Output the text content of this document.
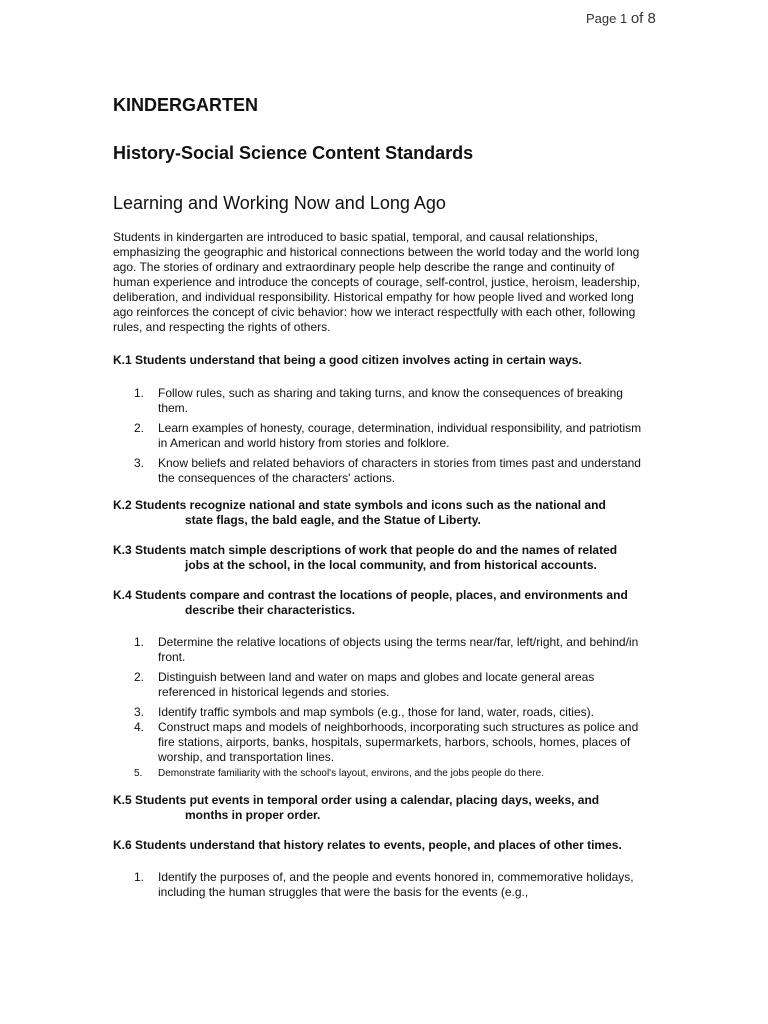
Page 1 of 8
KINDERGARTEN
History-Social Science Content Standards
Learning and Working Now and Long Ago

Students in kindergarten are introduced to basic spatial, temporal, and causal relationships, emphasizing the geographic and historical connections between the world today and the world long ago. The stories of ordinary and extraordinary people help describe the range and continuity of human experience and introduce the concepts of courage, self-control, justice, heroism, leadership, deliberation, and individual responsibility. Historical empathy for how people lived and worked long ago reinforces the concept of civic behavior: how we interact respectfully with each other, following rules, and respecting the rights of others.

K.1 Students understand that being a good citizen involves acting in certain ways.

1. Follow rules, such as sharing and taking turns, and know the consequences of breaking them.
2. Learn examples of honesty, courage, determination, individual responsibility, and patriotism in American and world history from stories and folklore.
3. Know beliefs and related behaviors of characters in stories from times past and understand the consequences of the characters' actions.

K.2 Students recognize national and state symbols and icons such as the national and
state flags, the bald eagle, and the Statue of Liberty.

K.3 Students match simple descriptions of work that people do and the names of related
jobs at the school, in the local community, and from historical accounts.

K.4 Students compare and contrast the locations of people, places, and environments and
describe their characteristics.

1. Determine the relative locations of objects using the terms near/far, left/right, and behind/in front.
2. Distinguish between land and water on maps and globes and locate general areas referenced in historical legends and stories.
3. Identify traffic symbols and map symbols (e.g., those for land, water, roads, cities).
4. Construct maps and models of neighborhoods, incorporating such structures as police and fire stations, airports, banks, hospitals, supermarkets, harbors, schools, homes, places of worship, and transportation lines.
5. Demonstrate familiarity with the school's layout, environs, and the jobs people do there.

K.5 Students put events in temporal order using a calendar, placing days, weeks, and
months in proper order.

K.6 Students understand that history relates to events, people, and places of other times.

1. Identify the purposes of, and the people and events honored in, commemorative holidays, including the human struggles that were the basis for the events (e.g.,
